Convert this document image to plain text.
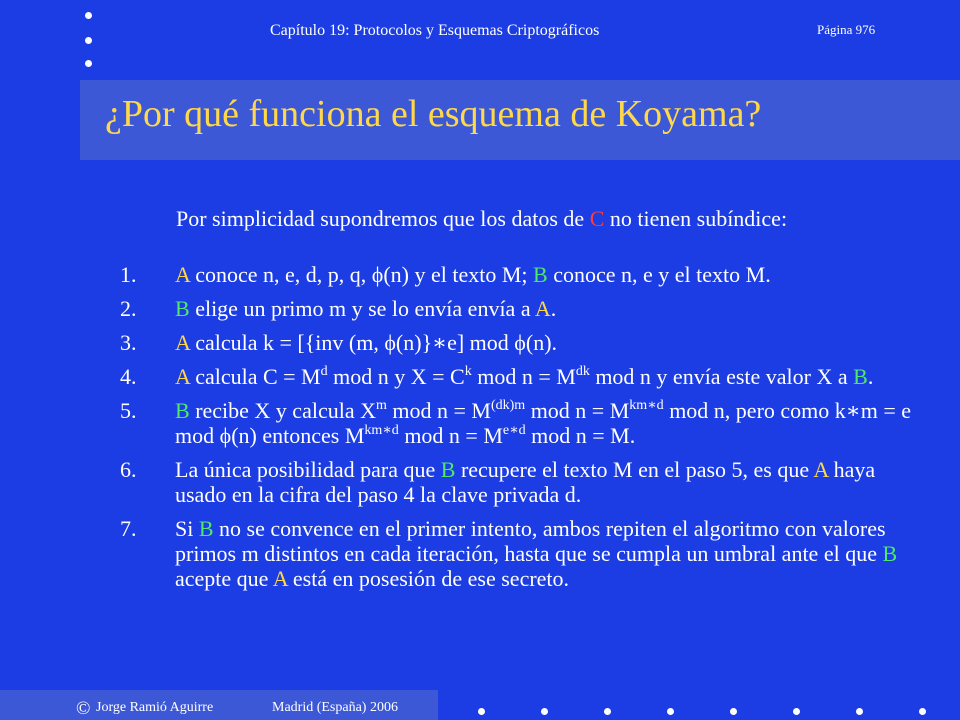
Capítulo 19: Protocolos y Esquemas Criptográficos	Página 976
¿Por qué funciona el esquema de Koyama?
Por simplicidad supondremos que los datos de C no tienen subíndice:
1. A conoce n, e, d, p, q, ϕ(n) y el texto M; B conoce n, e y el texto M.
2. B elige un primo m y se lo envía envía a A.
3. A calcula k = [{inv (m, ϕ(n)}∗e] mod ϕ(n).
4. A calcula $C = M^d$ mod n y $X = C^k$ mod $n = M^{dk}$ mod n y envía este valor X a B.
5. B recibe X y calcula $X^m$ mod $n = M^{(dk)m}$ mod $n = M^{km∗d}$ mod n, pero como k∗m = e mod ϕ(n) entonces $M^{km∗d}$ mod $n = M^{e∗d}$ mod n = M.
6. La única posibilidad para que B recupere el texto M en el paso 5, es que A haya usado en la cifra del paso 4 la clave privada d.
7. Si B no se convence en el primer intento, ambos repiten el algoritmo con valores primos m distintos en cada iteración, hasta que se cumpla un umbral ante el que B acepte que A está en posesión de ese secreto.
© Jorge Ramió Aguirre	Madrid (España) 2006
